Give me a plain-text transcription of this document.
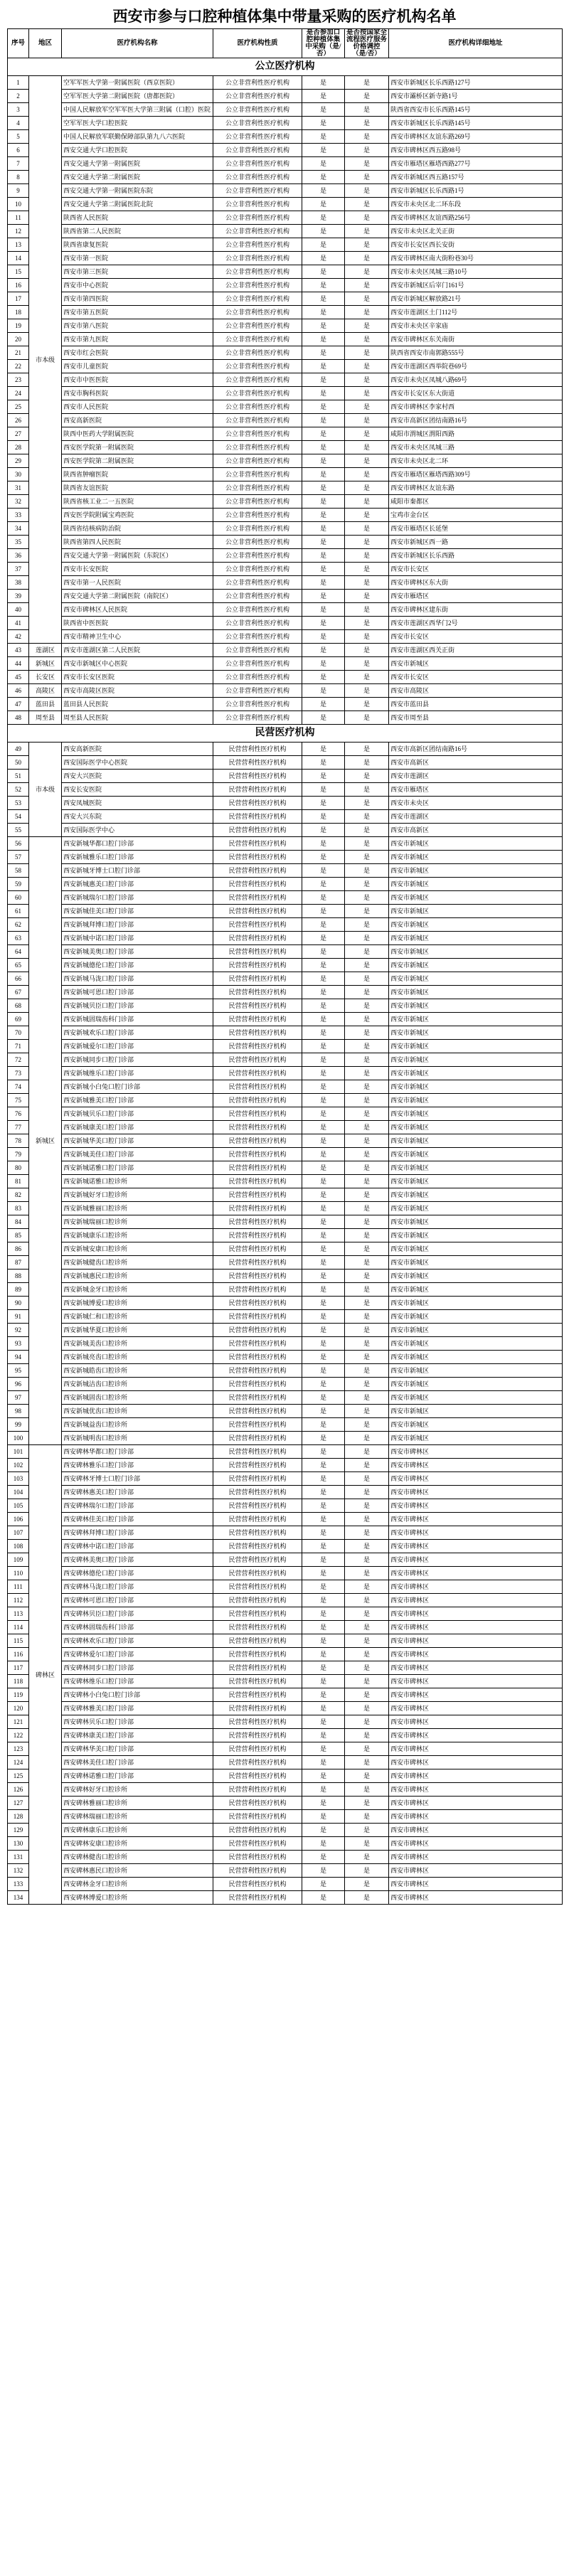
西安市参与口腔种植体集中带量采购的医疗机构名单
序号	地区	医疗机构名称	医疗机构性质	是否参加口腔种植体集中采购（是/否）	是否按国家全流程医疗服务价格调控（是/否）	医疗机构详细地址
公立医疗机构						
1	市本级	空军军医大学第一附属医院（西京医院）	公立非营利性医疗机构	是	是	西安市新城区长乐西路127号
2		空军军医大学第二附属医院（唐都医院）	公立非营利性医疗机构	是	是	西安市灞桥区新寺路1号
3		中国人民解放军空军军医大学第三附属（口腔）医院	公立非营利性医疗机构	是	是	陕西省西安市长乐西路145号
4		空军军医大学口腔医院	公立非营利性医疗机构	是	是	西安市新城区长乐西路145号
5		中国人民解放军联勤保障部队第九八六医院	公立非营利性医疗机构	是	是	西安市碑林区友谊东路269号
6		西安交通大学口腔医院	公立非营利性医疗机构	是	是	西安市碑林区西五路98号
7		西安交通大学第一附属医院	公立非营利性医疗机构	是	是	西安市雁塔区雁塔西路277号
8		西安交通大学第二附属医院	公立非营利性医疗机构	是	是	西安市新城区西五路157号
9		西安交通大学第一附属医院东院	公立非营利性医疗机构	是	是	西安市新城区长乐西路1号
10		西安交通大学第二附属医院北院	公立非营利性医疗机构	是	是	西安市未央区北二环东段
11		陕西省人民医院	公立非营利性医疗机构	是	是	西安市碑林区友谊西路256号
12		陕西省第二人民医院	公立非营利性医疗机构	是	是	西安市未央区北关正街
13		陕西省康复医院	公立非营利性医疗机构	是	是	西安市长安区西长安街
14		西安市第一医院	公立非营利性医疗机构	是	是	西安市碑林区南大街粉巷30号
15		西安市第三医院	公立非营利性医疗机构	是	是	西安市未央区凤城三路10号
16		西安市中心医院	公立非营利性医疗机构	是	是	西安市新城区后宰门161号
17		西安市第四医院	公立非营利性医疗机构	是	是	西安市新城区解放路21号
18		西安市第五医院	公立非营利性医疗机构	是	是	西安市莲湖区土门112号
19		西安市第八医院	公立非营利性医疗机构	是	是	西安市未央区辛家庙
20		西安市第九医院	公立非营利性医疗机构	是	是	西安市碑林区东关南街
21		西安市红会医院	公立非营利性医疗机构	是	是	陕西省西安市南郭路555号
22		西安市儿童医院	公立非营利性医疗机构	是	是	西安市莲湖区西举院巷69号
23		西安市中医医院	公立非营利性医疗机构	是	是	西安市未央区凤城八路69号
24		西安市胸科医院	公立非营利性医疗机构	是	是	西安市长安区东大街道
25		西安市人民医院	公立非营利性医疗机构	是	是	西安市碑林区李家村西
26		西安高新医院	公立非营利性医疗机构	是	是	西安市高新区团结南路16号
27		陕西中医药大学附属医院	公立非营利性医疗机构	是	是	咸阳市渭城区渭阳西路
28		西安医学院第一附属医院	公立非营利性医疗机构	是	是	西安市未央区凤城三路
29		西安医学院第二附属医院	公立非营利性医疗机构	是	是	西安市未央区北二环
30		陕西省肿瘤医院	公立非营利性医疗机构	是	是	西安市雁塔区雁塔西路309号
31		陕西省友谊医院	公立非营利性医疗机构	是	是	西安市碑林区友谊东路
32		陕西省核工业二一五医院	公立非营利性医疗机构	是	是	咸阳市秦都区
33		西安医学院附属宝鸡医院	公立非营利性医疗机构	是	是	宝鸡市金台区
34		陕西省结核病防治院	公立非营利性医疗机构	是	是	西安市雁塔区长延堡
35		陕西省第四人民医院	公立非营利性医疗机构	是	是	西安市新城区西一路
36		西安交通大学第一附属医院（东院区）	公立非营利性医疗机构	是	是	西安市新城区长乐西路
37		西安市长安医院	公立非营利性医疗机构	是	是	西安市长安区
38		西安市第一人民医院	公立非营利性医疗机构	是	是	西安市碑林区东大街
39		西安交通大学第二附属医院（南院区）	公立非营利性医疗机构	是	是	西安市雁塔区
40		西安市碑林区人民医院	公立非营利性医疗机构	是	是	西安市碑林区建东街
41		陕西省中医医院	公立非营利性医疗机构	是	是	西安市莲湖区西华门2号
42		西安市精神卫生中心	公立非营利性医疗机构	是	是	西安市长安区
43	莲湖区	西安市莲湖区第二人民医院	公立非营利性医疗机构	是	是	西安市莲湖区西关正街
44	新城区	西安市新城区中心医院	公立非营利性医疗机构	是	是	西安市新城区
45	长安区	西安市长安区医院	公立非营利性医疗机构	是	是	西安市长安区
46	高陵区	西安市高陵区医院	公立非营利性医疗机构	是	是	西安市高陵区
47	蓝田县	蓝田县人民医院	公立非营利性医疗机构	是	是	西安市蓝田县
48	周至县	周至县人民医院	公立非营利性医疗机构	是	是	西安市周至县
民营医疗机构						
49	市本级	西安高新医院	民营营利性医疗机构	是	是	西安市高新区团结南路16号
50		西安国际医学中心医院	民营营利性医疗机构	是	是	西安市高新区
51		西安大兴医院	民营营利性医疗机构	是	是	西安市莲湖区
52		西安长安医院	民营营利性医疗机构	是	是	西安市雁塔区
53		西安凤城医院	民营营利性医疗机构	是	是	西安市未央区
54		西安大兴东院	民营营利性医疗机构	是	是	西安市莲湖区
55		西安国际医学中心	民营营利性医疗机构	是	是	西安市高新区
56	新城区	西安新城华都口腔门诊部	民营营利性医疗机构	是	是	西安市新城区
57		西安新城雅乐口腔门诊部	民营营利性医疗机构	是	是	西安市新城区
58		西安新城牙博士口腔门诊部	民营营利性医疗机构	是	是	西安市新城区
59		西安新城惠美口腔门诊部	民营营利性医疗机构	是	是	西安市新城区
60		西安新城瑞尔口腔门诊部	民营营利性医疗机构	是	是	西安市新城区
61		西安新城佳美口腔门诊部	民营营利性医疗机构	是	是	西安市新城区
62		西安新城拜博口腔门诊部	民营营利性医疗机构	是	是	西安市新城区
63		西安新城中诺口腔门诊部	民营营利性医疗机构	是	是	西安市新城区
64		西安新城美奥口腔门诊部	民营营利性医疗机构	是	是	西安市新城区
65		西安新城德伦口腔门诊部	民营营利性医疗机构	是	是	西安市新城区
66		西安新城马泷口腔门诊部	民营营利性医疗机构	是	是	西安市新城区
67		西安新城可恩口腔门诊部	民营营利性医疗机构	是	是	西安市新城区
68		西安新城贝臣口腔门诊部	民营营利性医疗机构	是	是	西安市新城区
69		西安新城固瑞齿科门诊部	民营营利性医疗机构	是	是	西安市新城区
70		西安新城欢乐口腔门诊部	民营营利性医疗机构	是	是	西安市新城区
71		西安新城爱尔口腔门诊部	民营营利性医疗机构	是	是	西安市新城区
72		西安新城同步口腔门诊部	民营营利性医疗机构	是	是	西安市新城区
73		西安新城维乐口腔门诊部	民营营利性医疗机构	是	是	西安市新城区
74		西安新城小白兔口腔门诊部	民营营利性医疗机构	是	是	西安市新城区
75		西安新城雅美口腔门诊部	民营营利性医疗机构	是	是	西安市新城区
76		西安新城贝乐口腔门诊部	民营营利性医疗机构	是	是	西安市新城区
77		西安新城康美口腔门诊部	民营营利性医疗机构	是	是	西安市新城区
78		西安新城华美口腔门诊部	民营营利性医疗机构	是	是	西安市新城区
79		西安新城美佳口腔门诊部	民营营利性医疗机构	是	是	西安市新城区
80		西安新城诺雅口腔门诊部	民营营利性医疗机构	是	是	西安市新城区
81		西安新城诺雅口腔诊所	民营营利性医疗机构	是	是	西安市新城区
82		西安新城好牙口腔诊所	民营营利性医疗机构	是	是	西安市新城区
83		西安新城雅丽口腔诊所	民营营利性医疗机构	是	是	西安市新城区
84		西安新城瑞丽口腔诊所	民营营利性医疗机构	是	是	西安市新城区
85		西安新城康乐口腔诊所	民营营利性医疗机构	是	是	西安市新城区
86		西安新城安康口腔诊所	民营营利性医疗机构	是	是	西安市新城区
87		西安新城健齿口腔诊所	民营营利性医疗机构	是	是	西安市新城区
88		西安新城惠民口腔诊所	民营营利性医疗机构	是	是	西安市新城区
89		西安新城金牙口腔诊所	民营营利性医疗机构	是	是	西安市新城区
90		西安新城博爱口腔诊所	民营营利性医疗机构	是	是	西安市新城区
91		西安新城仁和口腔诊所	民营营利性医疗机构	是	是	西安市新城区
92		西安新城华夏口腔诊所	民营营利性医疗机构	是	是	西安市新城区
93		西安新城美齿口腔诊所	民营营利性医疗机构	是	是	西安市新城区
94		西安新城亮齿口腔诊所	民营营利性医疗机构	是	是	西安市新城区
95		西安新城皓齿口腔诊所	民营营利性医疗机构	是	是	西安市新城区
96		西安新城洁齿口腔诊所	民营营利性医疗机构	是	是	西安市新城区
97		西安新城固齿口腔诊所	民营营利性医疗机构	是	是	西安市新城区
98		西安新城优齿口腔诊所	民营营利性医疗机构	是	是	西安市新城区
99		西安新城益齿口腔诊所	民营营利性医疗机构	是	是	西安市新城区
100		西安新城明齿口腔诊所	民营营利性医疗机构	是	是	西安市新城区
101	碑林区	西安碑林华都口腔门诊部	民营营利性医疗机构	是	是	西安市碑林区
102		西安碑林雅乐口腔门诊部	民营营利性医疗机构	是	是	西安市碑林区
103		西安碑林牙博士口腔门诊部	民营营利性医疗机构	是	是	西安市碑林区
104		西安碑林惠美口腔门诊部	民营营利性医疗机构	是	是	西安市碑林区
105		西安碑林瑞尔口腔门诊部	民营营利性医疗机构	是	是	西安市碑林区
106		西安碑林佳美口腔门诊部	民营营利性医疗机构	是	是	西安市碑林区
107		西安碑林拜博口腔门诊部	民营营利性医疗机构	是	是	西安市碑林区
108		西安碑林中诺口腔门诊部	民营营利性医疗机构	是	是	西安市碑林区
109		西安碑林美奥口腔门诊部	民营营利性医疗机构	是	是	西安市碑林区
110		西安碑林德伦口腔门诊部	民营营利性医疗机构	是	是	西安市碑林区
111		西安碑林马泷口腔门诊部	民营营利性医疗机构	是	是	西安市碑林区
112		西安碑林可恩口腔门诊部	民营营利性医疗机构	是	是	西安市碑林区
113		西安碑林贝臣口腔门诊部	民营营利性医疗机构	是	是	西安市碑林区
114		西安碑林固瑞齿科门诊部	民营营利性医疗机构	是	是	西安市碑林区
115		西安碑林欢乐口腔门诊部	民营营利性医疗机构	是	是	西安市碑林区
116		西安碑林爱尔口腔门诊部	民营营利性医疗机构	是	是	西安市碑林区
117		西安碑林同步口腔门诊部	民营营利性医疗机构	是	是	西安市碑林区
118		西安碑林维乐口腔门诊部	民营营利性医疗机构	是	是	西安市碑林区
119		西安碑林小白兔口腔门诊部	民营营利性医疗机构	是	是	西安市碑林区
120		西安碑林雅美口腔门诊部	民营营利性医疗机构	是	是	西安市碑林区
121		西安碑林贝乐口腔门诊部	民营营利性医疗机构	是	是	西安市碑林区
122		西安碑林康美口腔门诊部	民营营利性医疗机构	是	是	西安市碑林区
123		西安碑林华美口腔门诊部	民营营利性医疗机构	是	是	西安市碑林区
124		西安碑林美佳口腔门诊部	民营营利性医疗机构	是	是	西安市碑林区
125		西安碑林诺雅口腔门诊部	民营营利性医疗机构	是	是	西安市碑林区
126		西安碑林好牙口腔诊所	民营营利性医疗机构	是	是	西安市碑林区
127		西安碑林雅丽口腔诊所	民营营利性医疗机构	是	是	西安市碑林区
128		西安碑林瑞丽口腔诊所	民营营利性医疗机构	是	是	西安市碑林区
129		西安碑林康乐口腔诊所	民营营利性医疗机构	是	是	西安市碑林区
130		西安碑林安康口腔诊所	民营营利性医疗机构	是	是	西安市碑林区
131		西安碑林健齿口腔诊所	民营营利性医疗机构	是	是	西安市碑林区
132		西安碑林惠民口腔诊所	民营营利性医疗机构	是	是	西安市碑林区
133		西安碑林金牙口腔诊所	民营营利性医疗机构	是	是	西安市碑林区
134		西安碑林博爱口腔诊所	民营营利性医疗机构	是	是	西安市碑林区
